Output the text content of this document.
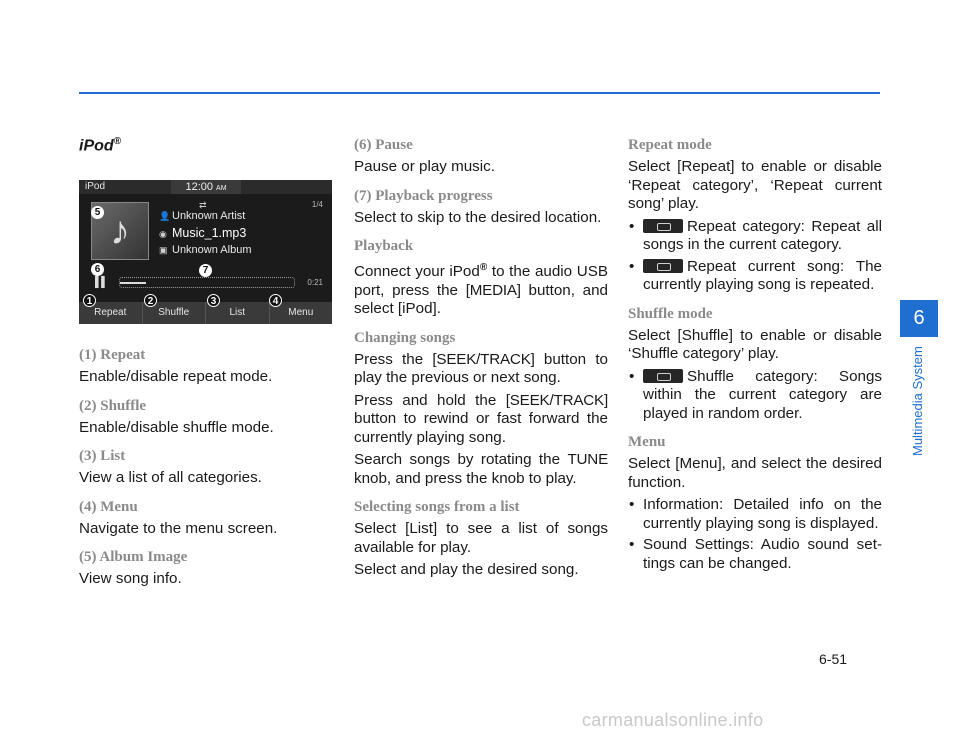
iPod®
iPod	12:00 AM
⇄	1/4
♪	👤 Unknown Artist
◉ Music_1.mp3
▣ Unknown Album
▌▌	0:21
Repeat	Shuffle	List	Menu
1	2	3	4
5
6	7
(1) Repeat

Enable/disable repeat mode.

(2) Shuffle

Enable/disable shuffle mode.

(3) List

View a list of all categories.

(4) Menu

Navigate to the menu screen.

(5) Album Image

View song info.

(6) Pause

Pause or play music.

(7) Playback progress

Select to skip to the desired location.

Playback

Connect your iPod® to the audio USB port, press the [MEDIA] button, and select [iPod].

Changing songs

Press the [SEEK/TRACK] button to play the previous or next song.

Press and hold the [SEEK/TRACK] button to rewind or fast forward the currently playing song.

Search songs by rotating the TUNE knob, and press the knob to play.

Selecting songs from a list

Select [List] to see a list of songs available for play.

Select and play the desired song.

Repeat mode

Select [Repeat] to enable or disable ‘Repeat category’, ‘Repeat current song’ play.

• Repeat category: Repeat all songs in the current category.
• Repeat current song: The currently playing song is repeated.
Shuffle mode

Select [Shuffle] to enable or disable ‘Shuffle category’ play.

• Shuffle category: Songs within the current category are played in random order.
Menu

Select [Menu], and select the desired function.

• Information: Detailed info on the currently playing song is displayed.
• Sound Settings: Audio sound settings can be changed.
6
Multimedia System
6-51
carmanualsonline.info
